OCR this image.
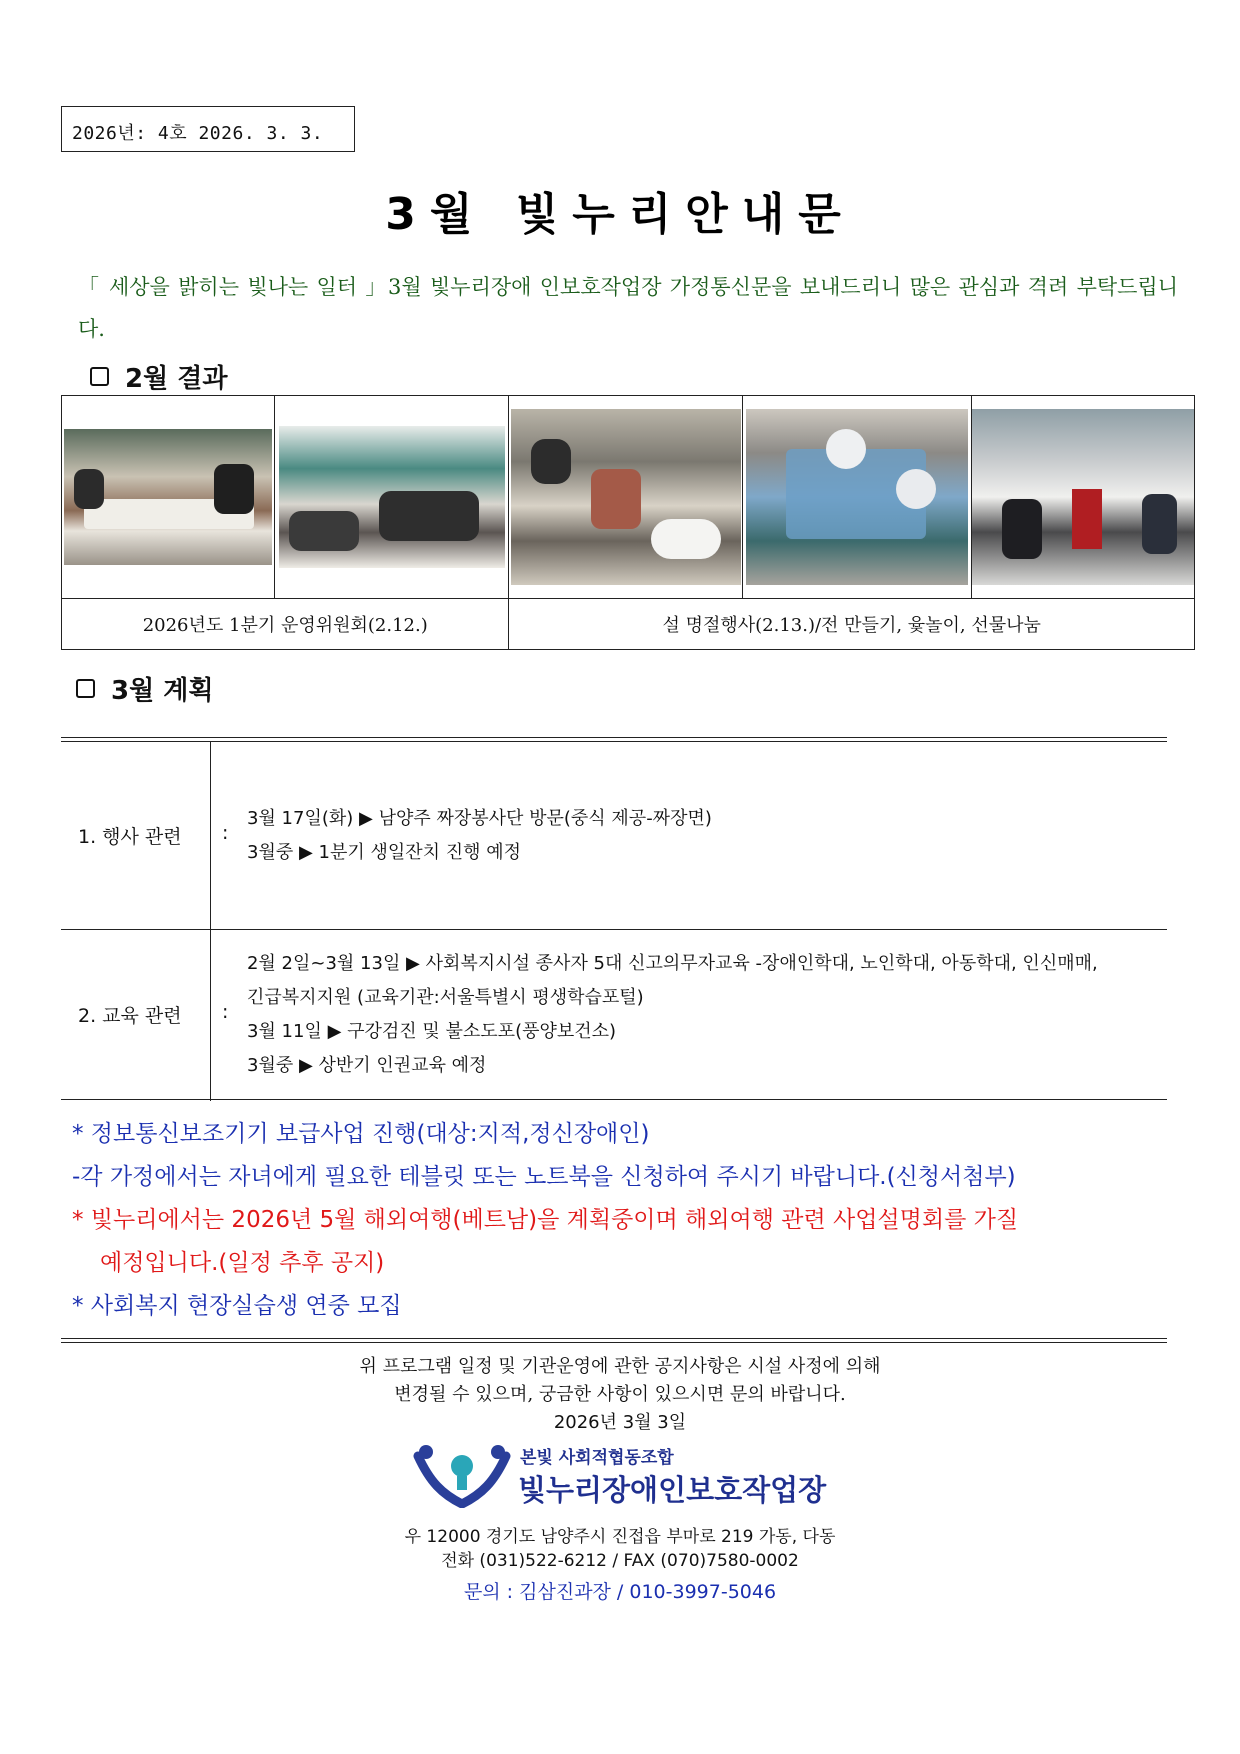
2026년: 4호 2026. 3. 3.
3월 빛누리안내문
「 세상을 밝히는 빛나는 일터 」3월 빛누리장애 인보호작업장 가정통신문을 보내드리니 많은 관심과 격려 부탁드립니다.
2월 결과

2026년도 1분기 운영위원회(2.12.)		설 명절행사(2.13.)/전 만들기, 윷놀이, 선물나눔		
3월 계획
1. 행사 관련 :
3월 17일(화) ▶ 남양주 짜장봉사단 방문(중식 제공-짜장면)
3월중 ▶ 1분기 생일잔치 진행 예정
2. 교육 관련 :
2월 2일~3월 13일 ▶ 사회복지시설 종사자 5대 신고의무자교육 -장애인학대, 노인학대, 아동학대, 인신매매,
긴급복지지원 (교육기관:서울특별시 평생학습포털)
3월 11일 ▶ 구강검진 및 불소도포(풍양보건소)
3월중 ▶ 상반기 인권교육 예정
* 정보통신보조기기 보급사업 진행(대상:지적,정신장애인)
-각 가정에서는 자녀에게 필요한 테블릿 또는 노트북을 신청하여 주시기 바랍니다.(신청서첨부)
* 빛누리에서는 2026년 5월 해외여행(베트남)을 계획중이며 해외여행 관련 사업설명회를 가질
예정입니다.(일정 추후 공지)
* 사회복지 현장실습생 연중 모집
위 프로그램 일정 및 기관운영에 관한 공지사항은 시설 사정에 의해
변경될 수 있으며, 궁금한 사항이 있으시면 문의 바랍니다.
2026년 3월 3일
본빛 사회적협동조합
빛누리장애인보호작업장
우 12000 경기도 남양주시 진접읍 부마로 219 가동, 다동
전화 (031)522-6212 / FAX (070)7580-0002
문의 : 김삼진과장 / 010-3997-5046
